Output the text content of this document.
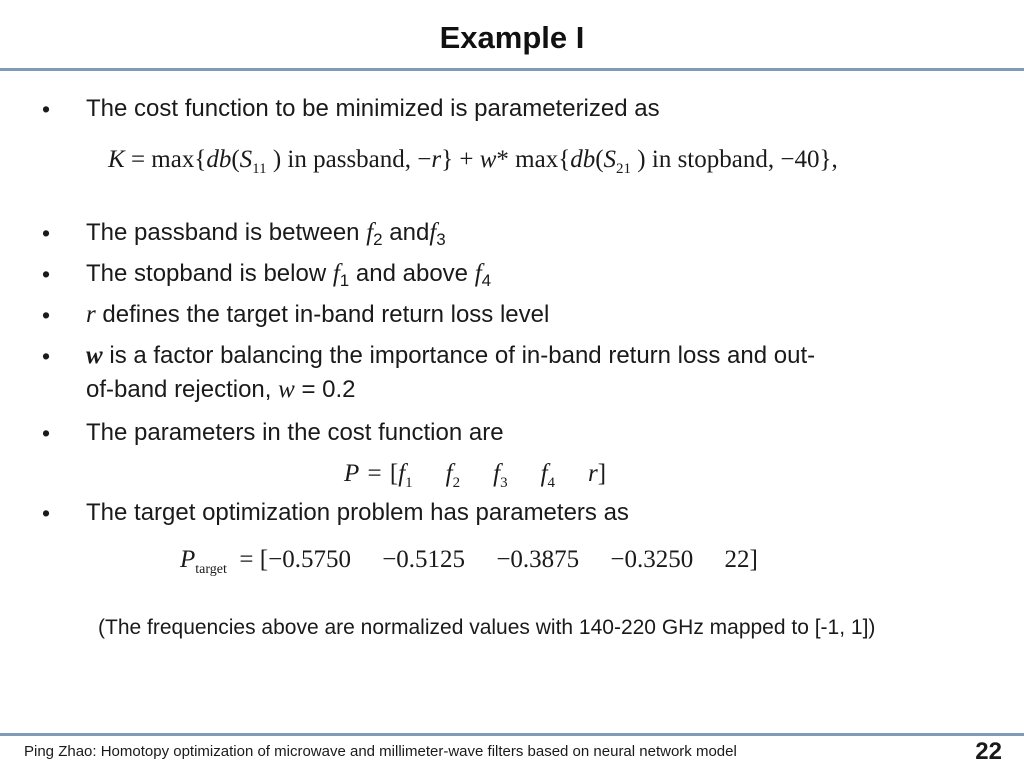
Example I
• The cost function to be minimized is parameterized as
$K = \max\{db(S_{11}$ ) in passband, −r} + w* $\max\{db(S_{21}$ ) in stopband, −40},
• The passband is between $f_2$ andf$_3$
• The stopband is below $f_1$ and above $f_4$
• r defines the target in-band return loss level
• w is a factor balancing the importance of in-band return loss and out-
of-band rejection, w = 0.2
• The parameters in the cost function are
$P = [f_1$ $f_2$ $f_3$ $f_4$ r]
• The target optimization problem has parameters as
$P_{target} = [-0.5750 -0.5125 -0.3875 -0.3250$ 22]
(The frequencies above are normalized values with 140-220 GHz mapped to [-1, 1])
Ping Zhao: Homotopy optimization of microwave and millimeter-wave filters based on neural network model	22
